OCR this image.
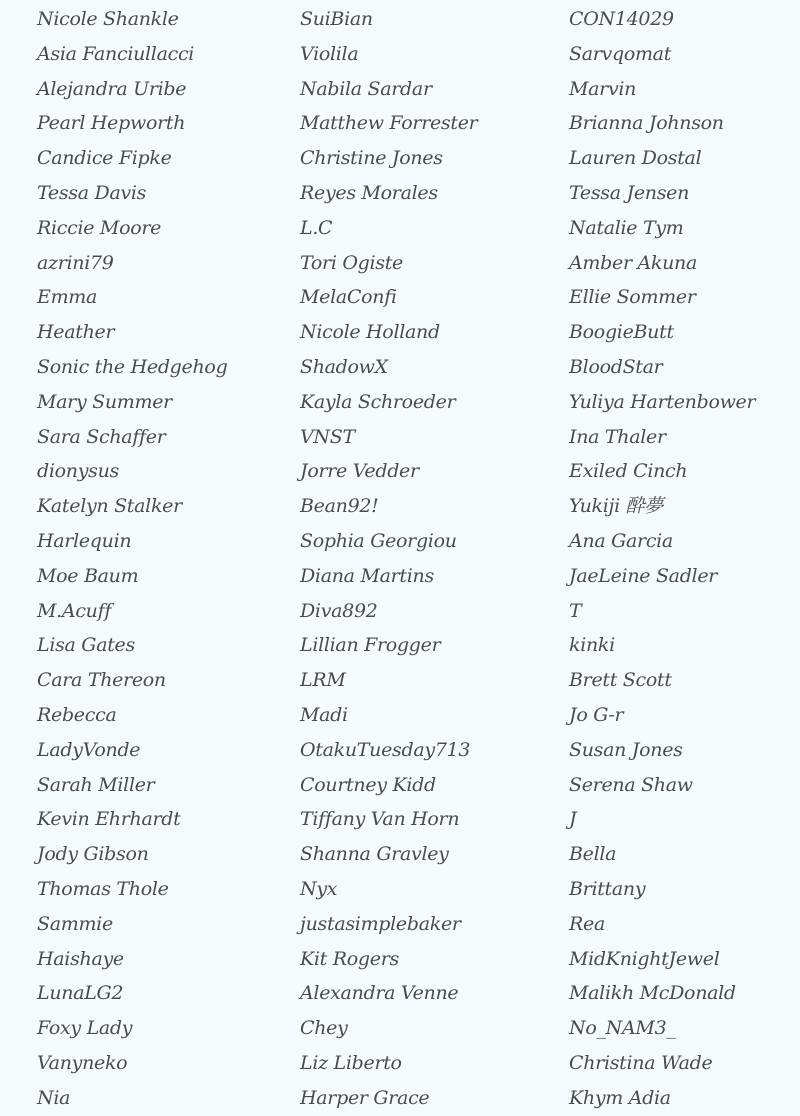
Nicole Shankle
Asia Fanciullacci
Alejandra Uribe
Pearl Hepworth
Candice Fipke
Tessa Davis
Riccie Moore
azrini79
Emma
Heather
Sonic the Hedgehog
Mary Summer
Sara Schaffer
dionysus
Katelyn Stalker
Harlequin
Moe Baum
M.Acuff
Lisa Gates
Cara Thereon
Rebecca
LadyVonde
Sarah Miller
Kevin Ehrhardt
Jody Gibson
Thomas Thole
Sammie
Haishaye
LunaLG2
Foxy Lady
Vanyneko
Nia
SuiBian
Violila
Nabila Sardar
Matthew Forrester
Christine Jones
Reyes Morales
L.C
Tori Ogiste
MelaConfi
Nicole Holland
ShadowX
Kayla Schroeder
VNST
Jorre Vedder
Bean92!
Sophia Georgiou
Diana Martins
Diva892
Lillian Frogger
LRM
Madi
OtakuTuesday713
Courtney Kidd
Tiffany Van Horn
Shanna Gravley
Nyx
justasimplebaker
Kit Rogers
Alexandra Venne
Chey
Liz Liberto
Harper Grace
CON14029
Sarvqomat
Marvin
Brianna Johnson
Lauren Dostal
Tessa Jensen
Natalie Tym
Amber Akuna
Ellie Sommer
BoogieButt
BloodStar
Yuliya Hartenbower
Ina Thaler
Exiled Cinch
Yukiji 酔夢
Ana Garcia
JaeLeine Sadler
T
kinki
Brett Scott
Jo G-r
Susan Jones
Serena Shaw
J
Bella
Brittany
Rea
MidKnightJewel
Malikh McDonald
No_NAM3_
Christina Wade
Khym Adia
